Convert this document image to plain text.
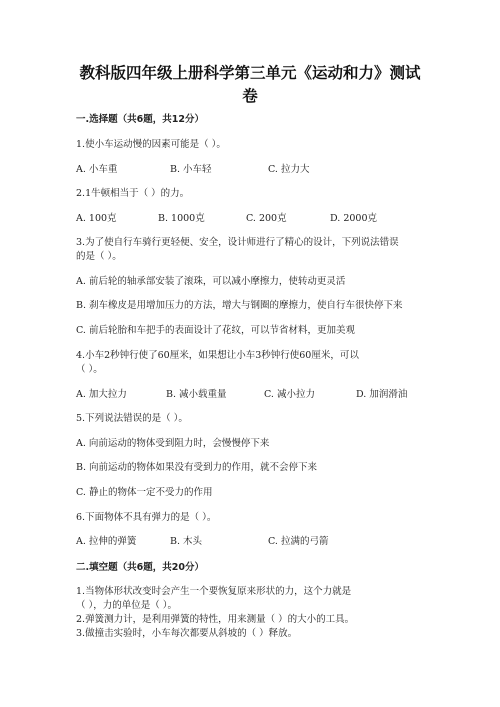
教科版四年级上册科学第三单元《运动和力》测试
卷
一.选择题（共6题，共12分）
1.使小车运动慢的因素可能是（ ）。
A. 小车重	B. 小车轻	C. 拉力大
2.1牛顿相当于（ ）的力。
A. 100克	B. 1000克	C. 200克	D. 2000克
3.为了使自行车骑行更轻便、安全，设计师进行了精心的设计，下列说法错误
的是（ ）。
A. 前后轮的轴承部安装了滚珠，可以减小摩擦力，使转动更灵活
B. 刹车橡皮是用增加压力的方法，增大与钢圈的摩擦力，使自行车很快停下来
C. 前后轮胎和车把手的表面设计了花纹，可以节省材料，更加美观
4.小车2秒钟行使了60厘米，如果想让小车3秒钟行使60厘米，可以
（ ）。
A. 加大拉力	B. 减小载重量	C. 减小拉力	D. 加润滑油
5.下列说法错误的是（ ）。
A. 向前运动的物体受到阻力时，会慢慢停下来
B. 向前运动的物体如果没有受到力的作用，就不会停下来
C. 静止的物体一定不受力的作用
6.下面物体不具有弹力的是（ ）。
A. 拉伸的弹簧	B. 木头	C. 拉满的弓箭
二.填空题（共6题，共20分）
1.当物体形状改变时会产生一个要恢复原来形状的力，这个力就是
（ ），力的单位是（ ）。
2.弹簧测力计，是利用弹簧的特性，用来测量（ ）的大小的工具。
3.做撞击实验时，小车每次都要从斜坡的（ ）释放。
